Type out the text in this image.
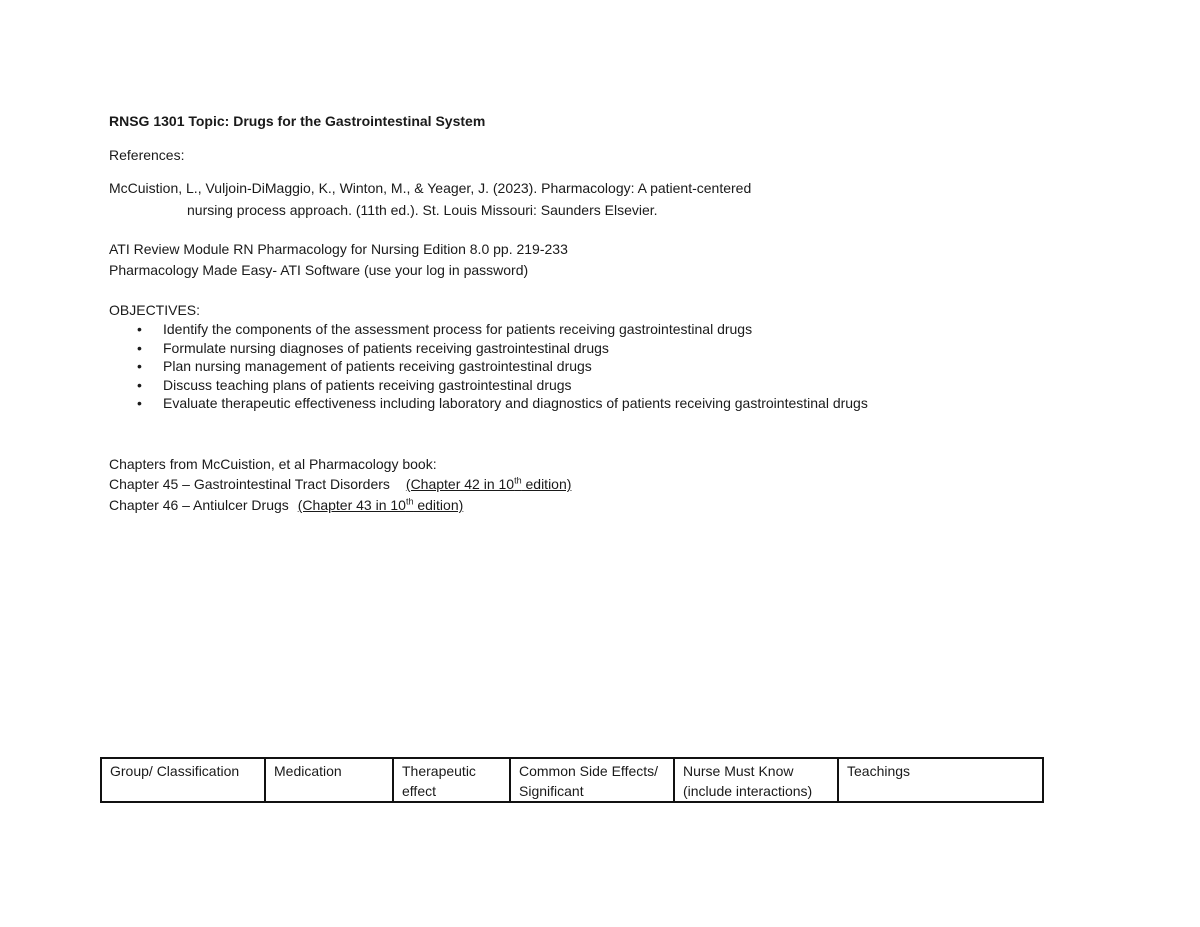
RNSG 1301 Topic: Drugs for the Gastrointestinal System
References:
McCuistion, L., Vuljoin-DiMaggio, K., Winton, M., & Yeager, J. (2023). Pharmacology: A patient-centered
nursing process approach. (11th ed.). St. Louis Missouri: Saunders Elsevier.
ATI Review Module RN Pharmacology for Nursing Edition 8.0 pp. 219-233
Pharmacology Made Easy- ATI Software (use your log in password)
OBJECTIVES:
• Identify the components of the assessment process for patients receiving gastrointestinal drugs
• Formulate nursing diagnoses of patients receiving gastrointestinal drugs
• Plan nursing management of patients receiving gastrointestinal drugs
• Discuss teaching plans of patients receiving gastrointestinal drugs
• Evaluate therapeutic effectiveness including laboratory and diagnostics of patients receiving gastrointestinal drugs
Chapters from McCuistion, et al Pharmacology book:
Chapter 45 – Gastrointestinal Tract Disorders (Chapter 42 in 10th edition)
Chapter 46 – Antiulcer Drugs (Chapter 43 in 10th edition)
Group/ Classification	Medication	Therapeutic effect	Common Side Effects/ Significant	Nurse Must Know (include interactions)	Teachings
